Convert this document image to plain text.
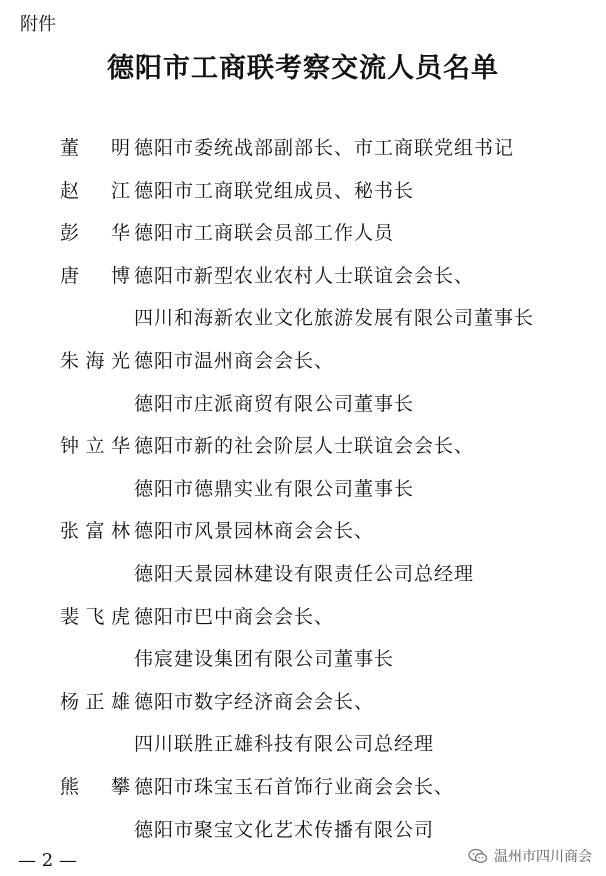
附件
德阳市工商联考察交流人员名单
董　明 德阳市委统战部副部长、市工商联党组书记
赵　江 德阳市工商联党组成员、秘书长
彭　华 德阳市工商联会员部工作人员
唐　博 德阳市新型农业农村人士联谊会会长、
四川和海新农业文化旅游发展有限公司董事长
朱海光 德阳市温州商会会长、
德阳市庄派商贸有限公司董事长
钟立华 德阳市新的社会阶层人士联谊会会长、
德阳市德鼎实业有限公司董事长
张富林 德阳市风景园林商会会长、
德阳天景园林建设有限责任公司总经理
裴飞虎 德阳市巴中商会会长、
伟宸建设集团有限公司董事长
杨正雄 德阳市数字经济商会会长、
四川联胜正雄科技有限公司总经理
熊　攀 德阳市珠宝玉石首饰行业商会会长、
德阳市聚宝文化艺术传播有限公司
— 2 —	温州市四川商会
